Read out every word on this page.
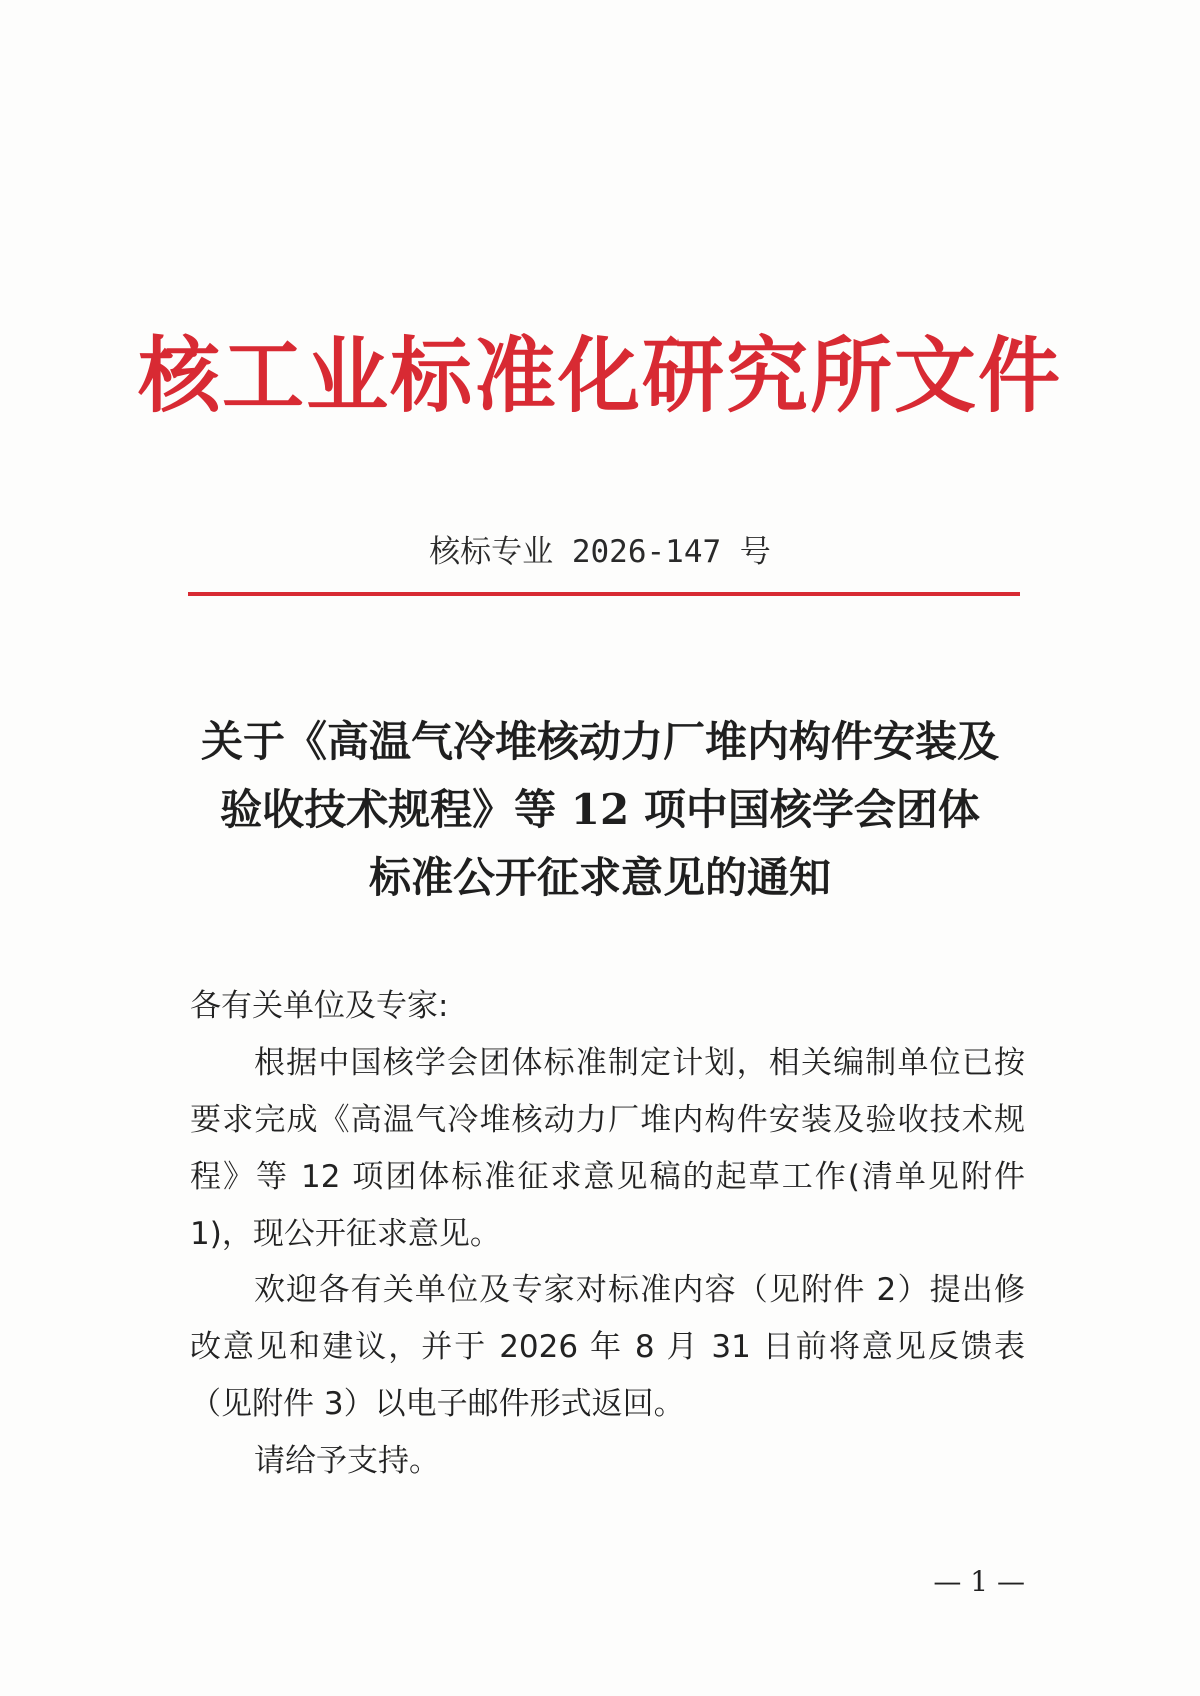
核工业标准化研究所文件
核标专业 2026-147 号
关于《高温气冷堆核动力厂堆内构件安装及
验收技术规程》等 12 项中国核学会团体
标准公开征求意见的通知
各有关单位及专家:
根据中国核学会团体标准制定计划，相关编制单位已按要求完成《高温气冷堆核动力厂堆内构件安装及验收技术规程》等 12 项团体标准征求意见稿的起草工作(清单见附件 1)，现公开征求意见。
欢迎各有关单位及专家对标准内容（见附件 2）提出修改意见和建议，并于 2026 年 8 月 31 日前将意见反馈表（见附件 3）以电子邮件形式返回。
请给予支持。
— 1 —
